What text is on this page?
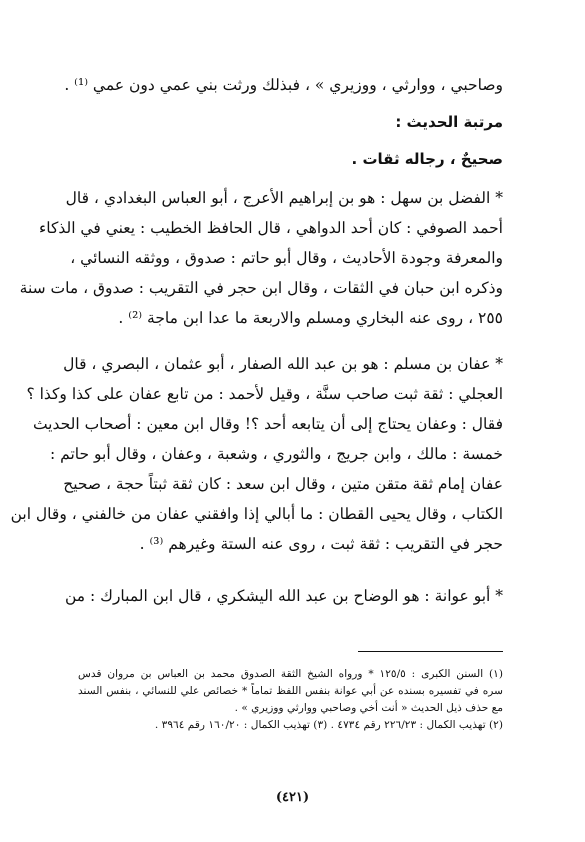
وصاحبي ، ووارثي ، ووزيري » ، فبذلك ورثت بني عمي دون عمي ⁽¹⁾ .
مرتبة الحديث :
صحيحٌ ، رجاله ثقات .
* الفضل بن سهل : هو بن إبراهيم الأعرج ، أبو العباس البغدادي ، قال
أحمد الصوفي : كان أحد الدواهي ، قال الحافظ الخطيب : يعني في الذكاء
والمعرفة وجودة الأحاديث ، وقال أبو حاتم : صدوق ، ووثقه النسائي ،
وذكره ابن حبان في الثقات ، وقال ابن حجر في التقريب : صدوق ، مات سنة
٢٥٥ ، روى عنه البخاري ومسلم والاربعة ما عدا ابن ماجة ⁽²⁾ .
* عفان بن مسلم : هو بن عبد الله الصفار ، أبو عثمان ، البصري ، قال
العجلي : ثقة ثبت صاحب سنَّة ، وقيل لأحمد : من تابع عفان على كذا وكذا ؟
فقال : وعفان يحتاج إلى أن يتابعه أحد ؟! وقال ابن معين : أصحاب الحديث
خمسة : مالك ، وابن جريج ، والثوري ، وشعبة ، وعفان ، وقال أبو حاتم :
عفان إمام ثقة متقن متين ، وقال ابن سعد : كان ثقة ثبتاً حجة ، صحيح
الكتاب ، وقال يحيى القطان : ما أبالي إذا وافقني عفان من خالفني ، وقال ابن
حجر في التقريب : ثقة ثبت ، روى عنه الستة وغيرهم ⁽³⁾ .
* أبو عوانة : هو الوضاح بن عبد الله اليشكري ، قال ابن المبارك : من
(١) السنن الكبرى : ١٢٥/٥ * ورواه الشيخ الثقة الصدوق محمد بن العباس بن مروان قدس
سره في تفسيره بسنده عن أبي عوانة بنفس اللفظ تماماً * خصائص علي للنسائي ، بنفس السند
مع حذف ذيل الحديث « أنت أخي وصاحبي ووارثي ووزيري » .
(٢) تهذيب الكمال : ٢٢٦/٢٣ رقم ٤٧٣٤ . (٣) تهذيب الكمال : ١٦٠/٢٠ رقم ٣٩٦٤ .
(٤٢١)
